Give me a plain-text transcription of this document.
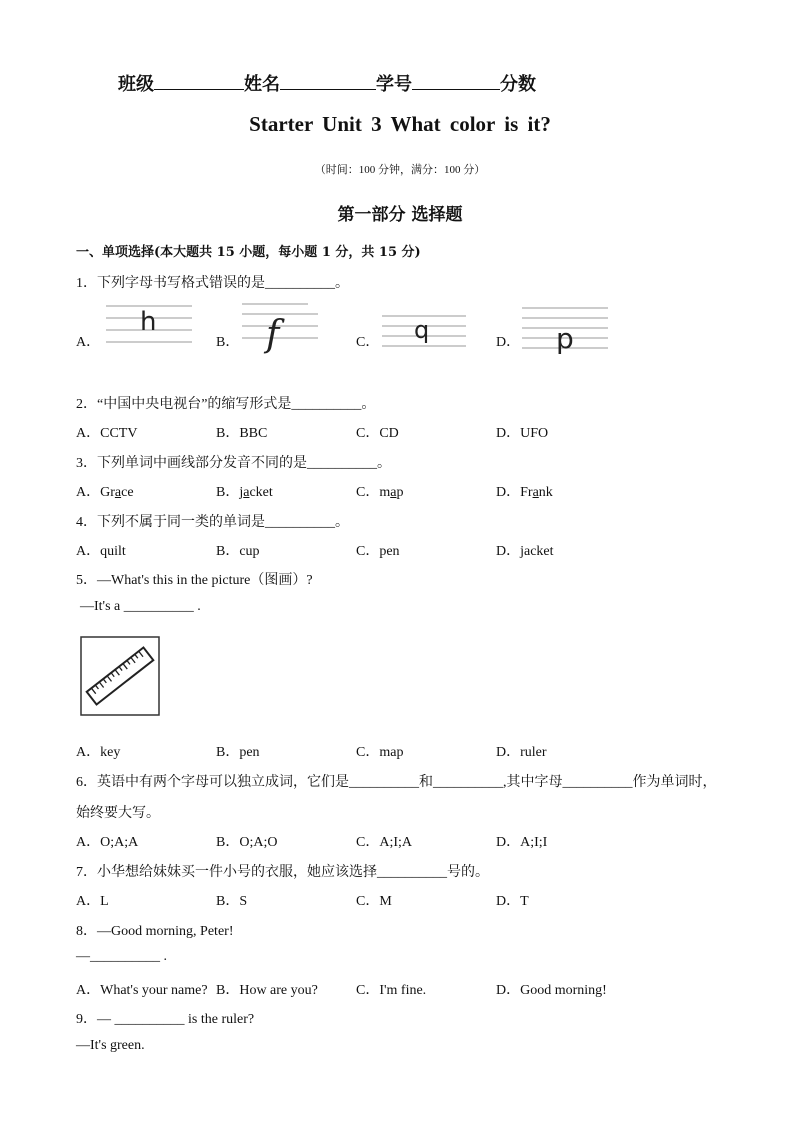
班级	姓名	学号	分数
Starter Unit 3 What color is it?
（时间：100 分钟，满分：100 分）
第一部分 选择题
一、单项选择(本大题共 15 小题，每小题 1 分，共 15 分)
1．下列字母书写格式错误的是__________。
A．
h
B． f	C． q	D． p
2．“中国中央电视台”的缩写形式是__________。
A．CCTV	B．BBC	C．CD	D．UFO
3．下列单词中画线部分发音不同的是__________。
A．Grace	B．jacket	C．map	D．Frank
4．下列不属于同一类的单词是__________。
A．quilt	B．cup	C．pen	D．jacket
5．—What's this in the picture（图画）?
—It's a __________ .
A．key	B．pen	C．map	D．ruler
6．英语中有两个字母可以独立成词，它们是__________和__________,其中字母__________作为单词时，
始终要大写。
A．O;A;A	B．O;A;O	C．A;I;A	D．A;I;I
7．小华想给妹妹买一件小号的衣服，她应该选择__________号的。
A．L	B．S	C．M	D．T
8．—Good morning, Peter!
—__________ .
A．What's your name? B．How are you?	C．I'm fine.	D．Good morning!
9．— __________ is the ruler?
—It's green.
